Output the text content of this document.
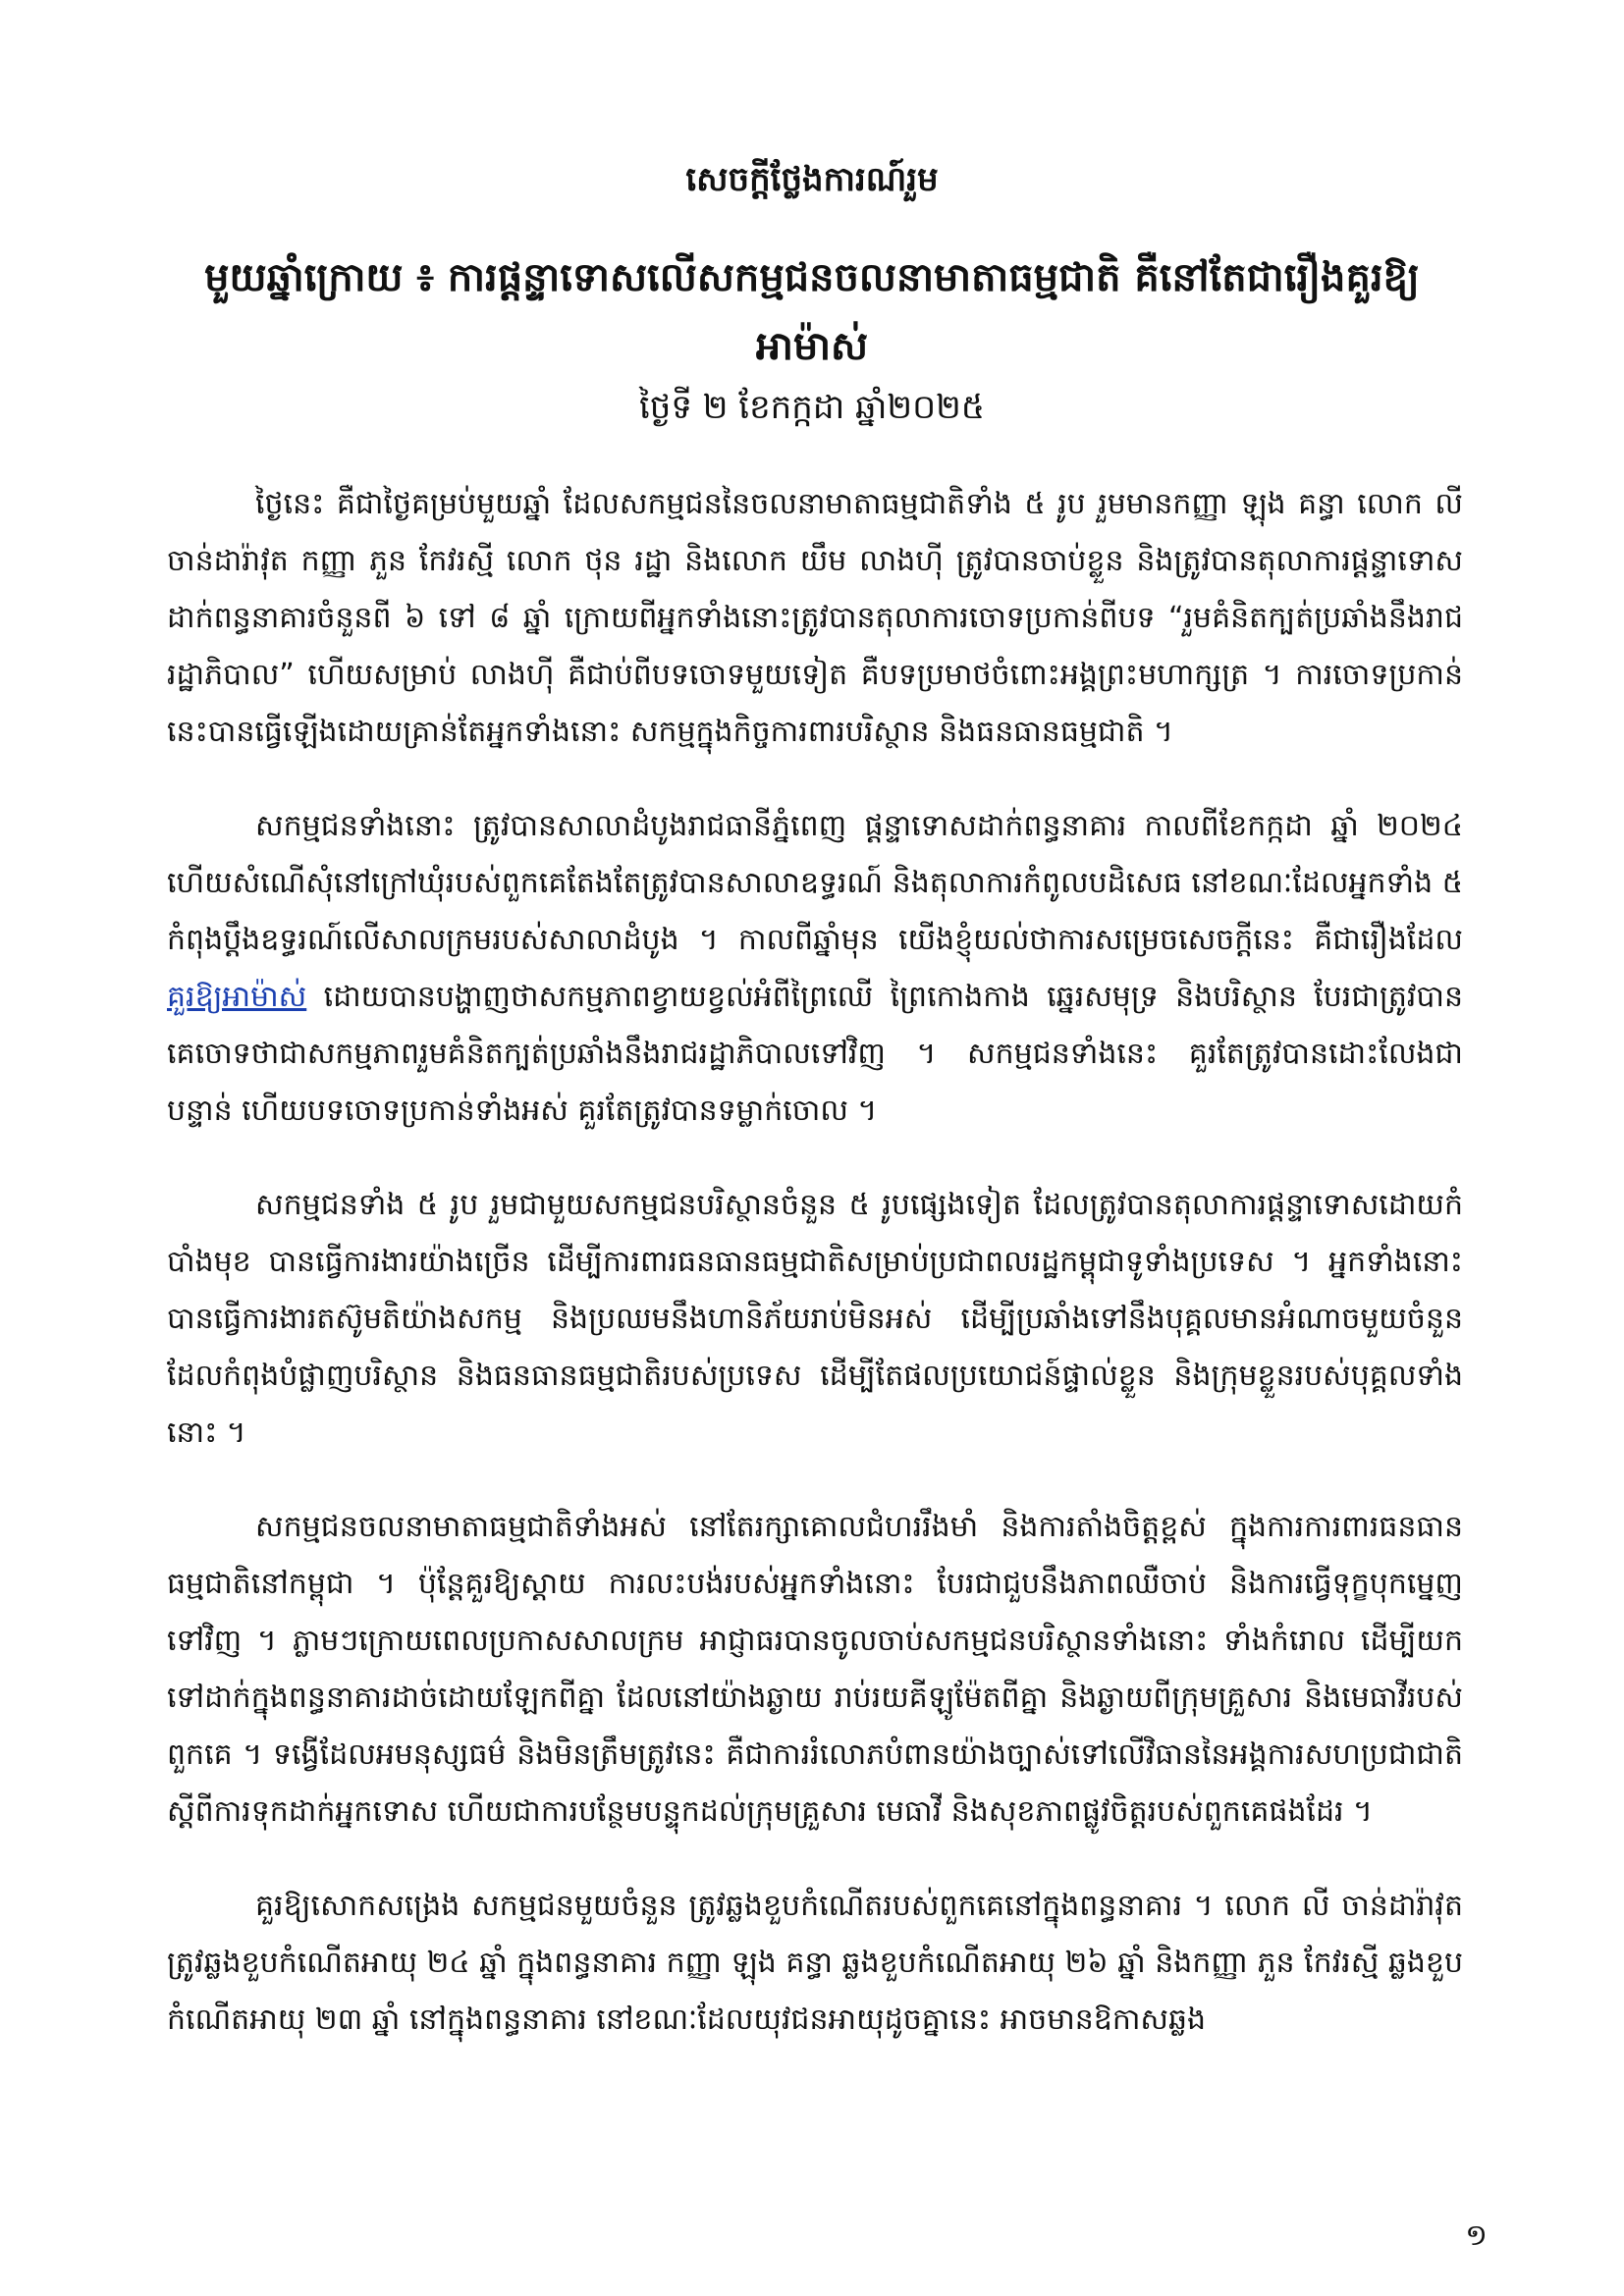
សេចក្ដីថ្លែងការណ៍រួម
មួយឆ្នាំក្រោយ ៖ ការផ្តន្ទាទោសលើសកម្មជនចលនាមាតាធម្មជាតិ គឺនៅតែជារឿងគួរឱ្យអាម៉ាស់
ថ្ងៃទី ២ ខែកក្កដា ឆ្នាំ២០២៥

ថ្ងៃនេះ គឺជាថ្ងៃគម្រប់មួយឆ្នាំ ដែលសកម្មជននៃចលនាមាតាធម្មជាតិទាំង ៥ រូប រួមមានកញ្ញា ឡុង គន្ធា លោក លី ចាន់ដារ៉ាវុត កញ្ញា ភួន កែវរស្មី លោក ថុន រដ្ឋា និងលោក យឹម លាងហ៊ី ត្រូវបានចាប់ខ្លួន និងត្រូវបានតុលាការផ្ដន្ទាទោស ដាក់ពន្ធនាគារចំនួនពី ៦ ទៅ ៨ ឆ្នាំ ក្រោយពីអ្នកទាំងនោះត្រូវបានតុលាការចោទប្រកាន់ពីបទ “រួមគំនិតក្បត់ប្រឆាំងនឹងរាជរដ្ឋាភិបាល” ហើយសម្រាប់ លាងហ៊ី គឺជាប់ពីបទចោទមួយទៀត គឺបទប្រមាថចំពោះអង្គព្រះមហាក្សត្រ ។ ការចោទប្រកាន់នេះបានធ្វើឡើងដោយគ្រាន់តែអ្នកទាំងនោះ សកម្មក្នុងកិច្ចការពារបរិស្ថាន និងធនធានធម្មជាតិ ។

សកម្មជនទាំងនោះ ត្រូវបានសាលាដំបូងរាជធានីភ្នំពេញ ផ្ដន្ទាទោសដាក់ពន្ធនាគារ កាលពីខែកក្កដា ឆ្នាំ ២០២៤ ហើយសំណើសុំនៅក្រៅឃុំរបស់ពួកគេតែងតែត្រូវបានសាលាឧទ្ធរណ៍ និងតុលាការកំពូលបដិសេធ នៅខណៈដែលអ្នកទាំង ៥ កំពុងប្ដឹងឧទ្ធរណ៍លើសាលក្រមរបស់សាលាដំបូង ។ កាលពីឆ្នាំមុន យើងខ្ញុំយល់ថាការសម្រេចសេចក្ដីនេះ គឺជារឿងដែលគួរឱ្យអាម៉ាស់ ដោយបានបង្ហាញថាសកម្មភាពខ្វាយខ្វល់អំពីព្រៃឈើ ព្រៃកោងកាង ឆ្នេរសមុទ្រ និងបរិស្ថាន បែរជាត្រូវបានគេចោទថាជាសកម្មភាពរួមគំនិតក្បត់ប្រឆាំងនឹងរាជរដ្ឋាភិបាលទៅវិញ ។ សកម្មជនទាំងនេះ គួរតែត្រូវបានដោះលែងជាបន្ទាន់ ហើយបទចោទប្រកាន់ទាំងអស់ គួរតែត្រូវបានទម្លាក់ចោល ។

សកម្មជនទាំង ៥ រូប រួមជាមួយសកម្មជនបរិស្ថានចំនួន ៥ រូបផ្សេងទៀត ដែលត្រូវបានតុលាការផ្ដន្ទាទោសដោយកំបាំងមុខ បានធ្វើការងារយ៉ាងច្រើន ដើម្បីការពារធនធានធម្មជាតិសម្រាប់ប្រជាពលរដ្ឋកម្ពុជាទូទាំងប្រទេស ។ អ្នកទាំងនោះបានធ្វើការងារតស៊ូមតិយ៉ាងសកម្ម និងប្រឈមនឹងហានិភ័យរាប់មិនអស់ ដើម្បីប្រឆាំងទៅនឹងបុគ្គលមានអំណាចមួយចំនួន ដែលកំពុងបំផ្លាញបរិស្ថាន និងធនធានធម្មជាតិរបស់ប្រទេស ដើម្បីតែផលប្រយោជន៍ផ្ទាល់ខ្លួន និងក្រុមខ្លួនរបស់បុគ្គលទាំងនោះ ។

សកម្មជនចលនាមាតាធម្មជាតិទាំងអស់ នៅតែរក្សាគោលជំហររឹងមាំ និងការតាំងចិត្តខ្ពស់ ក្នុងការការពារធនធានធម្មជាតិនៅកម្ពុជា ។ ប៉ុន្តែគួរឱ្យស្ដាយ ការលះបង់របស់អ្នកទាំងនោះ បែរជាជួបនឹងភាពឈឺចាប់ និងការធ្វើទុក្ខបុកម្នេញទៅវិញ ។ ភ្លាមៗក្រោយពេលប្រកាសសាលក្រម អាជ្ញាធរបានចូលចាប់សកម្មជនបរិស្ថានទាំងនោះ ទាំងកំរោល ដើម្បីយកទៅដាក់ក្នុងពន្ធនាគារដាច់ដោយឡែកពីគ្នា ដែលនៅយ៉ាងឆ្ងាយ រាប់រយគីឡូម៉ែតពីគ្នា និងឆ្ងាយពីក្រុមគ្រួសារ និងមេធាវីរបស់ពួកគេ ។ ទង្វើដែលអមនុស្សធម៌ និងមិនត្រឹមត្រូវនេះ គឺជាការរំលោភបំពានយ៉ាងច្បាស់ទៅលើវិធាននៃអង្គការសហប្រជាជាតិស្ដីពីការទុកដាក់អ្នកទោស ហើយជាការបន្ថែមបន្ទុកដល់ក្រុមគ្រួសារ មេធាវី និងសុខភាពផ្លូវចិត្តរបស់ពួកគេផងដែរ ។

គួរឱ្យសោកសង្រេង សកម្មជនមួយចំនួន ត្រូវឆ្លងខួបកំណើតរបស់ពួកគេនៅក្នុងពន្ធនាគារ ។ លោក លី ចាន់ដារ៉ាវុត ត្រូវឆ្លងខួបកំណើតអាយុ ២៤ ឆ្នាំ ក្នុងពន្ធនាគារ កញ្ញា ឡុង គន្ធា ឆ្លងខួបកំណើតអាយុ ២៦ ឆ្នាំ និងកញ្ញា ភួន កែវរស្មី ឆ្លងខួបកំណើតអាយុ ២៣ ឆ្នាំ នៅក្នុងពន្ធនាគារ នៅខណៈដែលយុវជនអាយុដូចគ្នានេះ អាចមានឱកាសឆ្លង

១
